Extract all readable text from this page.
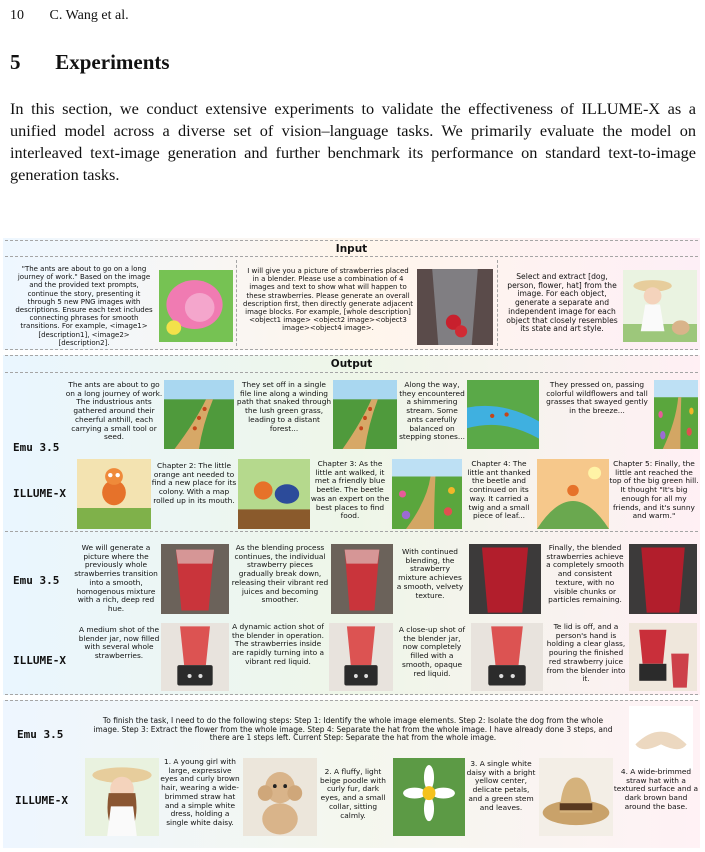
10 C. Wang et al.
5 Experiments
In this section, we conduct extensive experiments to validate the effectiveness of ILLUME-X as a unified model across a diverse set of vision–language tasks. We primarily evaluate the model on interleaved text-image generation and further benchmark its performance on standard text-to-image generation tasks.
Input
Output
"The ants are about to go on a long journey of work." Based on the image and the provided text prompts, continue the story, presenting it through 5 new PNG images with descriptions. Ensure each text includes connecting phrases for smooth transitions. For example, <image1> [description1], <image2> [description2].
I will give you a picture of strawberries placed in a blender. Please use a combination of 4 images and text to show what will happen to these strawberries. Please generate an overall description first, then directly generate adjacent image blocks. For example, [whole description] <object1 image> <object2 image><object3 image><object4 image>.
Select and extract [dog, person, flower, hat] from the image. For each object, generate a separate and independent image for each object that closely resembles its state and art style.
Emu 3.5
The ants are about to go on a long journey of work. The industrious ants gathered around their cheerful anthill, each carrying a small tool or seed.
They set off in a single file line along a winding path that snaked through the lush green grass, leading to a distant forest...
Along the way, they encountered a shimmering stream. Some ants carefully balanced on stepping stones...
They pressed on, passing colorful wildflowers and tall grasses that swayed gently in the breeze...
ILLUME-X
Chapter 2: The little orange ant needed to find a new place for its colony. With a map rolled up in its mouth.
Chapter 3: As the little ant walked, it met a friendly blue beetle. The beetle was an expert on the best places to find food.
Chapter 4: The little ant thanked the beetle and continued on its way. It carried a twig and a small piece of leaf...
Chapter 5: Finally, the little ant reached the top of the big green hill. It thought "It's big enough for all my friends, and it's sunny and warm."
Emu 3.5
We will generate a picture where the previously whole strawberries transition into a smooth, homogenous mixture with a rich, deep red hue.
As the blending process continues, the individual strawberry pieces gradually break down, releasing their vibrant red juices and becoming smoother.
With continued blending, the strawberry mixture achieves a smooth, velvety texture.
Finally, the blended strawberries achieve a completely smooth and consistent texture, with no visible chunks or particles remaining.
ILLUME-X
A medium shot of the blender jar, now filled with several whole strawberries.
A dynamic action shot of the blender in operation. The strawberries inside are rapidly turning into a vibrant red liquid.
A close-up shot of the blender jar, now completely filled with a smooth, opaque red liquid.
Te lid is off, and a person's hand is holding a clear glass, pouring the finished red strawberry juice from the blender into it.
Emu 3.5
To finish the task, I need to do the following steps: Step 1: Identify the whole image elements. Step 2: Isolate the dog from the whole image. Step 3: Extract the flower from the whole image. Step 4: Separate the hat from the whole image. I have already done 3 steps, and there are 1 steps left. Current Step: Separate the hat from the whole image.
ILLUME-X
1. A young girl with large, expressive eyes and curly brown hair, wearing a wide-brimmed straw hat and a simple white dress, holding a single white daisy.
2. A fluffy, light beige poodle with curly fur, dark eyes, and a small collar, sitting calmly.
3. A single white daisy with a bright yellow center, delicate petals, and a green stem and leaves.
4. A wide-brimmed straw hat with a textured surface and a dark brown band around the base.
